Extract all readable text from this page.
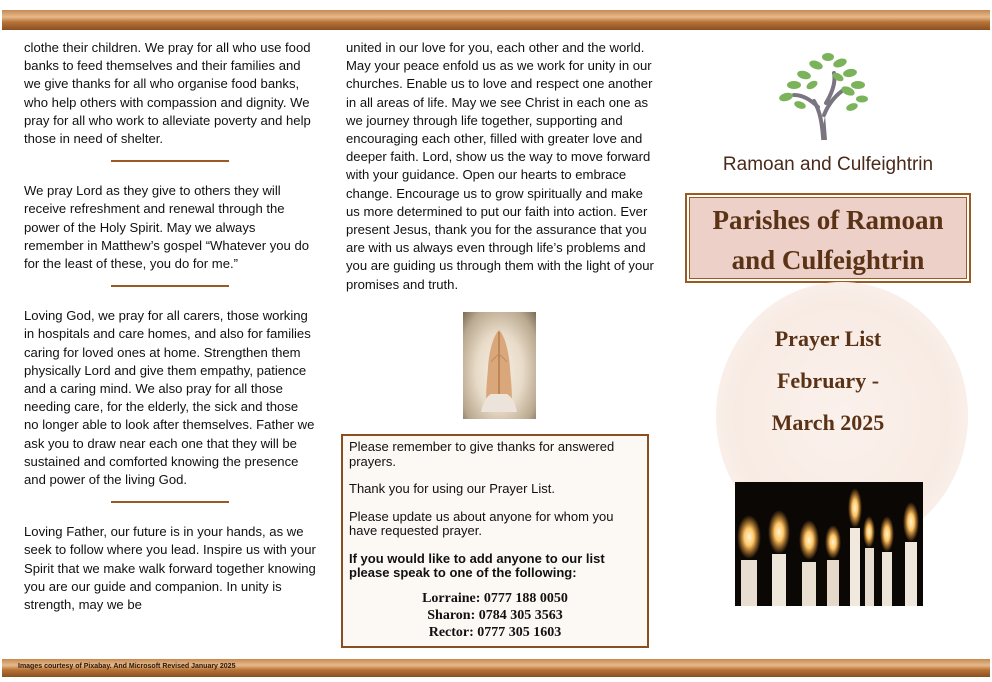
clothe their children. We pray for all who use food banks to feed themselves and their families and we give thanks for all who organise food banks, who help others with compassion and dignity. We pray for all who work to alleviate poverty and help those in need of shelter.

We pray Lord as they give to others they will receive refreshment and renewal through the power of the Holy Spirit. May we always remember in Matthew’s gospel “Whatever you do for the least of these, you do for me.”

Loving God, we pray for all carers, those working in hospitals and care homes, and also for families caring for loved ones at home. Strengthen them physically Lord and give them empathy, patience and a caring mind. We also pray for all those needing care, for the elderly, the sick and those no longer able to look after themselves. Father we ask you to draw near each one that they will be sustained and comforted knowing the presence and power of the living God.

Loving Father, our future is in your hands, as we seek to follow where you lead. Inspire us with your Spirit that we make walk forward together knowing you are our guide and companion. In unity is strength, may we be

united in our love for you, each other and the world. May your peace enfold us as we work for unity in our churches. Enable us to love and respect one another in all areas of life. May we see Christ in each one as we journey through life together, supporting and encouraging each other, filled with greater love and deeper faith. Lord, show us the way to move forward with your guidance. Open our hearts to embrace change. Encourage us to grow spiritually and make us more determined to put our faith into action. Ever present Jesus, thank you for the assurance that you are with us always even through life’s problems and you are guiding us through them with the light of your promises and truth.

Please remember to give thanks for answered prayers.

Thank you for using our Prayer List.

Please update us about anyone for whom you have requested prayer.

If you would like to add anyone to our list please speak to one of the following:

Lorraine: 0777 188 0050
Sharon: 0784 305 3563
Rector: 0777 305 1603
Ramoan and Culfeightrin
Parishes of Ramoan
and Culfeightrin
Prayer List
February -
March 2025
Images courtesy of Pixabay. And Microsoft Revised January 2025
